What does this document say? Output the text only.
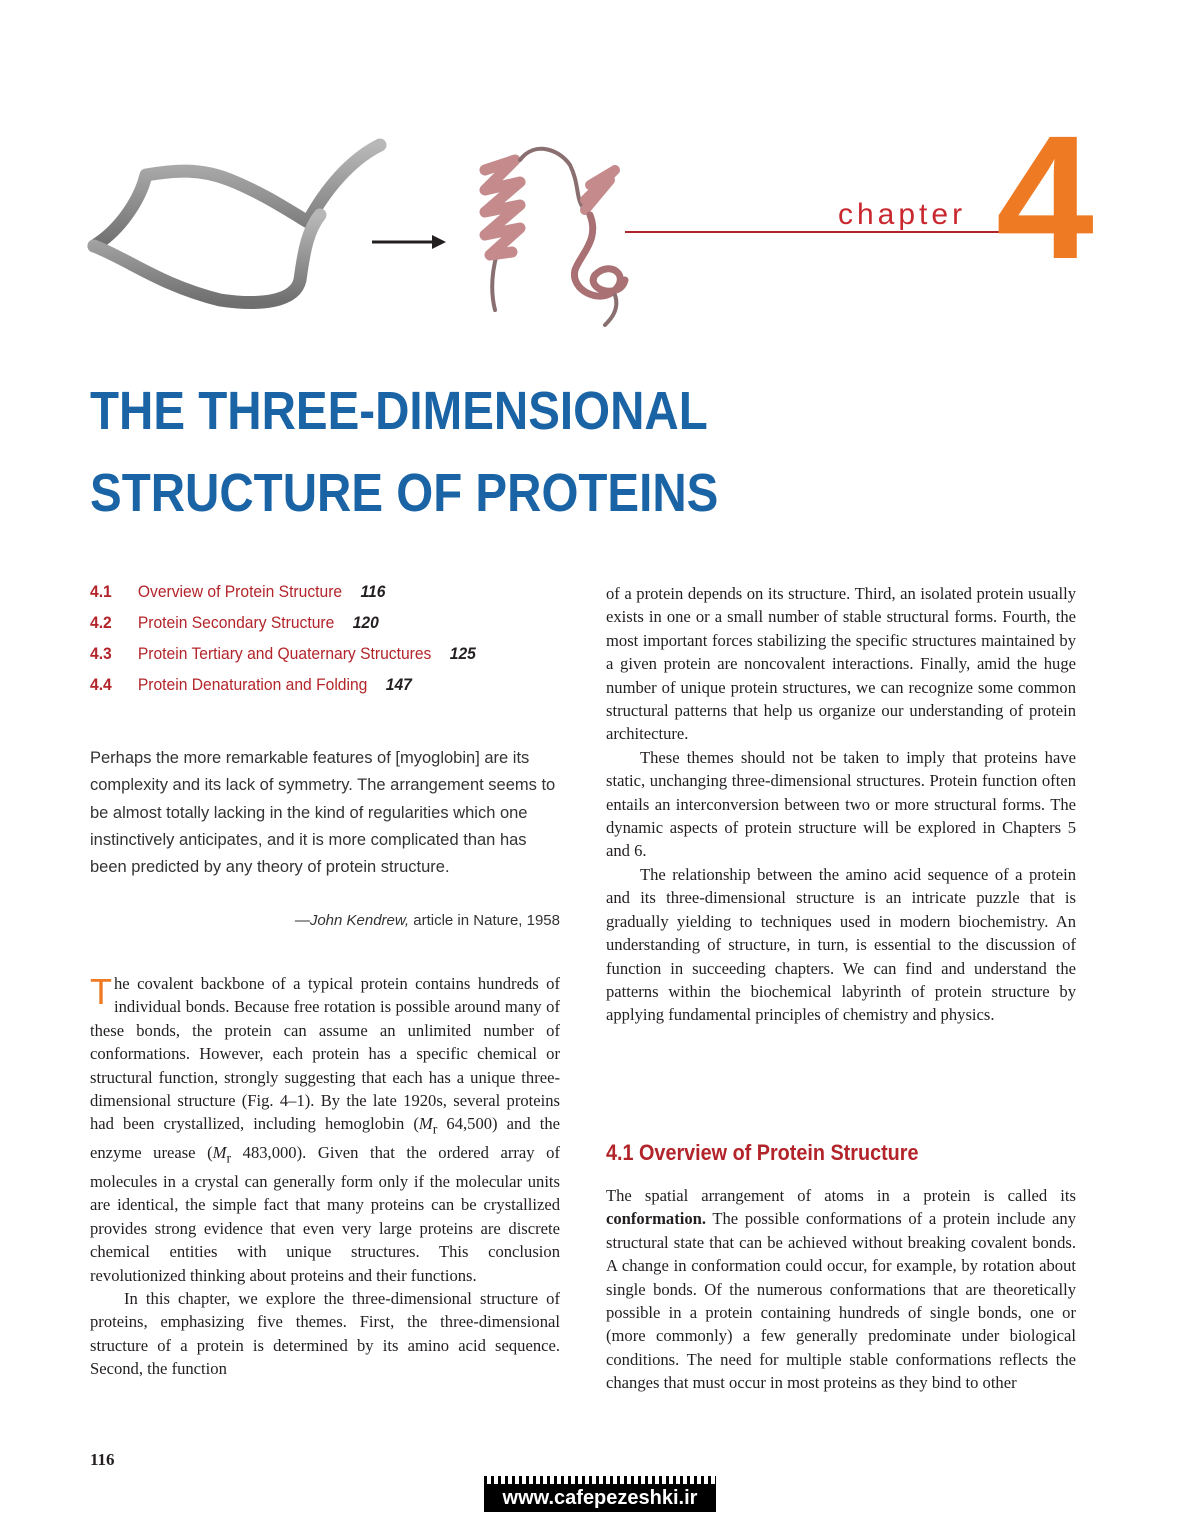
chapter 4
THE THREE-DIMENSIONAL
STRUCTURE OF PROTEINS
4.1 Overview of Protein Structure 116
4.2 Protein Secondary Structure 120
4.3 Protein Tertiary and Quaternary Structures 125
4.4 Protein Denaturation and Folding 147
Perhaps the more remarkable features of [myoglobin] are its complexity and its lack of symmetry. The arrangement seems to be almost totally lacking in the kind of regularities which one instinctively anticipates, and it is more complicated than has been predicted by any theory of protein structure.
—John Kendrew, article in Nature, 1958

The covalent backbone of a typical protein contains hundreds of individual bonds. Because free rotation is possible around many of these bonds, the protein can assume an unlimited number of conformations. However, each protein has a specific chemical or structural function, strongly suggesting that each has a unique three-dimensional structure (Fig. 4–1). By the late 1920s, several proteins had been crystallized, including hemoglobin ($M_r$ 64,500) and the enzyme urease ($M_r$ 483,000). Given that the ordered array of molecules in a crystal can generally form only if the molecular units are identical, the simple fact that many proteins can be crystallized provides strong evidence that even very large proteins are discrete chemical entities with unique structures. This conclusion revolutionized thinking about proteins and their functions.

In this chapter, we explore the three-dimensional structure of proteins, emphasizing five themes. First, the three-dimensional structure of a protein is determined by its amino acid sequence. Second, the function

of a protein depends on its structure. Third, an isolated protein usually exists in one or a small number of stable structural forms. Fourth, the most important forces stabilizing the specific structures maintained by a given protein are noncovalent interactions. Finally, amid the huge number of unique protein structures, we can recognize some common structural patterns that help us organize our understanding of protein architecture.

These themes should not be taken to imply that proteins have static, unchanging three-dimensional structures. Protein function often entails an interconversion between two or more structural forms. The dynamic aspects of protein structure will be explored in Chapters 5 and 6.

The relationship between the amino acid sequence of a protein and its three-dimensional structure is an intricate puzzle that is gradually yielding to techniques used in modern biochemistry. An understanding of structure, in turn, is essential to the discussion of function in succeeding chapters. We can find and understand the patterns within the biochemical labyrinth of protein structure by applying fundamental principles of chemistry and physics.

4.1 Overview of Protein Structure

The spatial arrangement of atoms in a protein is called its conformation. The possible conformations of a protein include any structural state that can be achieved without breaking covalent bonds. A change in conformation could occur, for example, by rotation about single bonds. Of the numerous conformations that are theoretically possible in a protein containing hundreds of single bonds, one or (more commonly) a few generally predominate under biological conditions. The need for multiple stable conformations reflects the changes that must occur in most proteins as they bind to other

116
www.cafepezeshki.ir
